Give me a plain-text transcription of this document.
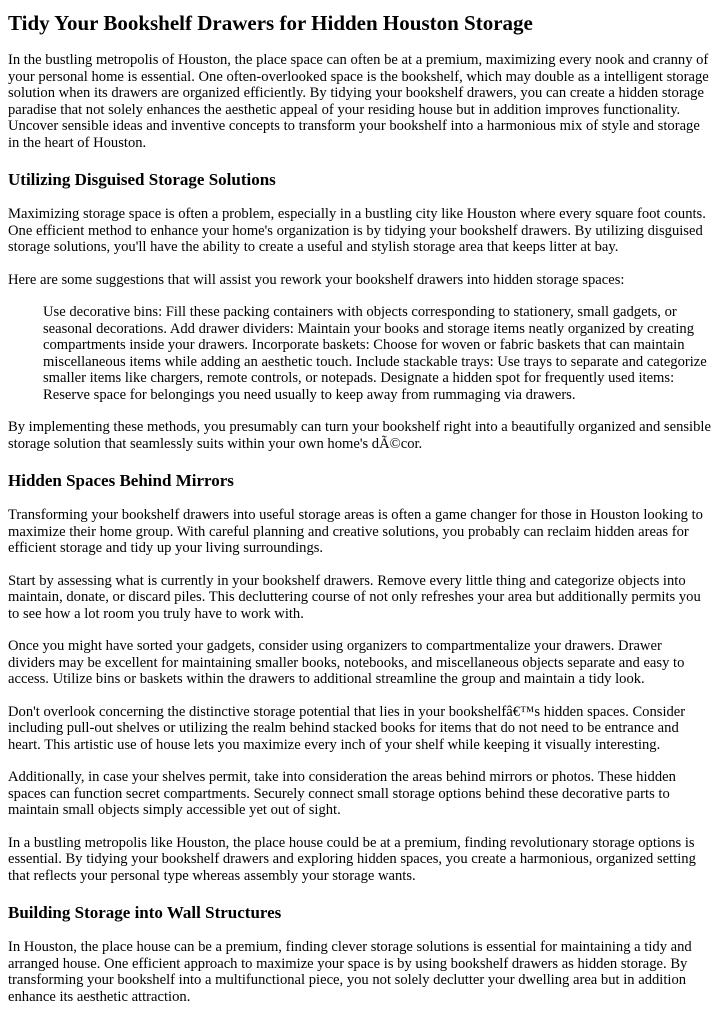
Tidy Your Bookshelf Drawers for Hidden Houston Storage

In the bustling metropolis of Houston, the place space can often be at a premium, maximizing every nook and cranny of your personal home is essential. One often-overlooked space is the bookshelf, which may double as a intelligent storage solution when its drawers are organized efficiently. By tidying your bookshelf drawers, you can create a hidden storage paradise that not solely enhances the aesthetic appeal of your residing house but in addition improves functionality. Uncover sensible ideas and inventive concepts to transform your bookshelf into a harmonious mix of style and storage in the heart of Houston.

Utilizing Disguised Storage Solutions

Maximizing storage space is often a problem, especially in a bustling city like Houston where every square foot counts. One efficient method to enhance your home's organization is by tidying your bookshelf drawers. By utilizing disguised storage solutions, you'll have the ability to create a useful and stylish storage area that keeps litter at bay.

Here are some suggestions that will assist you rework your bookshelf drawers into hidden storage spaces:

Use decorative bins: Fill these packing containers with objects corresponding to stationery, small gadgets, or seasonal decorations. Add drawer dividers: Maintain your books and storage items neatly organized by creating compartments inside your drawers. Incorporate baskets: Choose for woven or fabric baskets that can maintain miscellaneous items while adding an aesthetic touch. Include stackable trays: Use trays to separate and categorize smaller items like chargers, remote controls, or notepads. Designate a hidden spot for frequently used items: Reserve space for belongings you need usually to keep away from rummaging via drawers.

By implementing these methods, you presumably can turn your bookshelf right into a beautifully organized and sensible storage solution that seamlessly suits within your own home's dÃ©cor.

Hidden Spaces Behind Mirrors

Transforming your bookshelf drawers into useful storage areas is often a game changer for those in Houston looking to maximize their home group. With careful planning and creative solutions, you probably can reclaim hidden areas for efficient storage and tidy up your living surroundings.

Start by assessing what is currently in your bookshelf drawers. Remove every little thing and categorize objects into maintain, donate, or discard piles. This decluttering course of not only refreshes your area but additionally permits you to see how a lot room you truly have to work with.

Once you might have sorted your gadgets, consider using organizers to compartmentalize your drawers. Drawer dividers may be excellent for maintaining smaller books, notebooks, and miscellaneous objects separate and easy to access. Utilize bins or baskets within the drawers to additional streamline the group and maintain a tidy look.

Don't overlook concerning the distinctive storage potential that lies in your bookshelfâ€™s hidden spaces. Consider including pull-out shelves or utilizing the realm behind stacked books for items that do not need to be entrance and heart. This artistic use of house lets you maximize every inch of your shelf while keeping it visually interesting.

Additionally, in case your shelves permit, take into consideration the areas behind mirrors or photos. These hidden spaces can function secret compartments. Securely connect small storage options behind these decorative parts to maintain small objects simply accessible yet out of sight.

In a bustling metropolis like Houston, the place house could be at a premium, finding revolutionary storage options is essential. By tidying your bookshelf drawers and exploring hidden spaces, you create a harmonious, organized setting that reflects your personal type whereas assembly your storage wants.

Building Storage into Wall Structures

In Houston, the place house can be a premium, finding clever storage solutions is essential for maintaining a tidy and arranged house. One efficient approach to maximize your space is by using bookshelf drawers as hidden storage. By transforming your bookshelf into a multifunctional piece, you not solely declutter your dwelling area but in addition enhance its aesthetic attraction.
